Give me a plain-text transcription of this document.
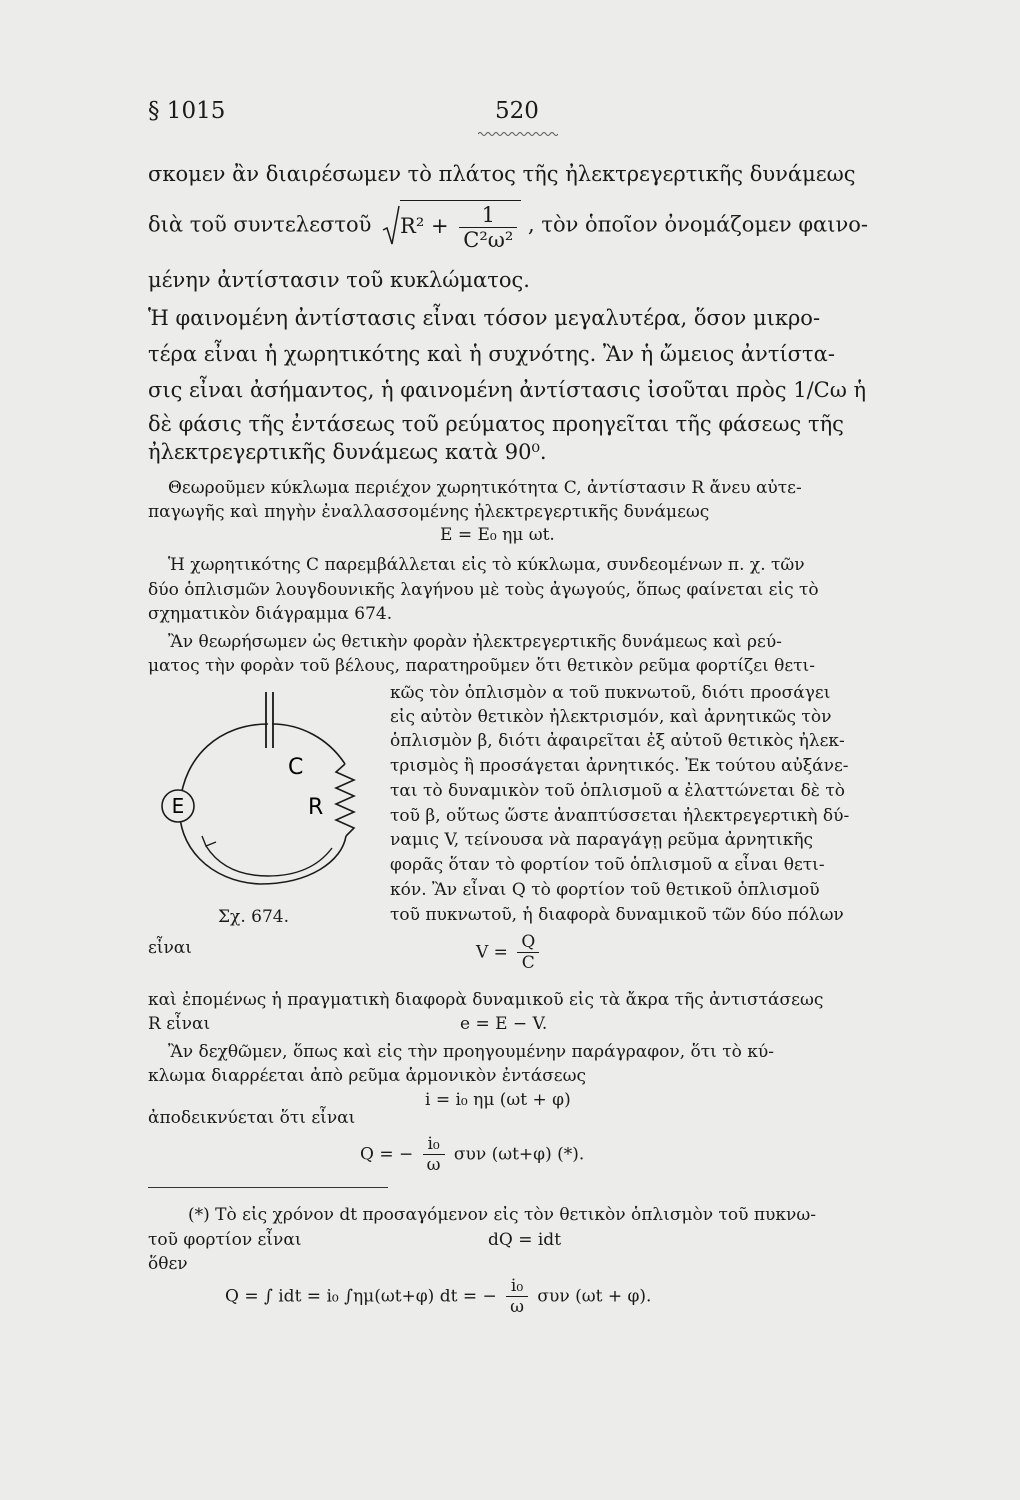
§ 1015	520
σκομεν ἂν διαιρέσωμεν τὸ πλάτος τῆς ἠλεκτρεγερτικῆς δυνάμεως
διὰ τοῦ συντελεστοῦ $R^2 + \frac{1}{\text{C²ω²}}$ , τὸν ὁποῖον ὀνομάζομεν φαινο-
μένην ἀντίστασιν τοῦ κυκλώματος.
Ἡ φαινομένη ἀντίστασις εἶναι τόσον μεγαλυτέρα, ὅσον μικρο-
τέρα εἶναι ἡ χωρητικότης καὶ ἡ συχνότης. Ἂν ἡ ὤμειος ἀντίστα-
σις εἶναι ἀσήμαντος, ἡ φαινομένη ἀντίστασις ἰσοῦται πρὸς 1/Cω ἡ
δὲ φάσις τῆς ἐντάσεως τοῦ ρεύματος προηγεῖται τῆς φάσεως τῆς
ἠλεκτρεγερτικῆς δυνάμεως κατὰ 90⁰.
Θεωροῦμεν κύκλωμα περιέχον χωρητικότητα C, ἀντίστασιν R ἄνευ αὐτε-
παγωγῆς καὶ πηγὴν ἐναλλασσομένης ἠλεκτρεγερτικῆς δυνάμεως
E = E₀ ημ ωt.
Ἡ χωρητικότης C παρεμβάλλεται εἰς τὸ κύκλωμα, συνδεομένων π. χ. τῶν
δύο ὁπλισμῶν λουγδουνικῆς λαγήνου μὲ τοὺς ἀγωγούς, ὅπως φαίνεται εἰς τὸ
σχηματικὸν διάγραμμα 674.
Ἂν θεωρήσωμεν ὡς θετικὴν φορὰν ἠλεκτρεγερτικῆς δυνάμεως καὶ ρεύ-
ματος τὴν φορὰν τοῦ βέλους, παρατηροῦμεν ὅτι θετικὸν ρεῦμα φορτίζει θετι-
κῶς τὸν ὁπλισμὸν α τοῦ πυκνωτοῦ, διότι προσάγει
εἰς αὐτὸν θετικὸν ἠλεκτρισμόν, καὶ ἀρνητικῶς τὸν
ὁπλισμὸν β, διότι ἀφαιρεῖται ἐξ αὐτοῦ θετικὸς ἠλεκ-
τρισμὸς ἢ προσάγεται ἀρνητικός. Ἐκ τούτου αὐξάνε-
ται τὸ δυναμικὸν τοῦ ὁπλισμοῦ α ἐλαττώνεται δὲ τὸ
τοῦ β, οὕτως ὥστε ἀναπτύσσεται ἠλεκτρεγερτικὴ δύ-
ναμις V, τείνουσα νὰ παραγάγῃ ρεῦμα ἀρνητικῆς
φορᾶς ὅταν τὸ φορτίον τοῦ ὁπλισμοῦ α εἶναι θετι-
κόν. Ἂν εἶναι Q τὸ φορτίον τοῦ θετικοῦ ὁπλισμοῦ
τοῦ πυκνωτοῦ, ἡ διαφορὰ δυναμικοῦ τῶν δύο πόλων
E
C
R
Σχ. 674.
εἶναι	$V = \frac{Q}{C}$
καὶ ἐπομένως ἡ πραγματικὴ διαφορὰ δυναμικοῦ εἰς τὰ ἄκρα τῆς ἀντιστάσεως
R εἶναι	e = E − V.
Ἂν δεχθῶμεν, ὅπως καὶ εἰς τὴν προηγουμένην παράγραφον, ὅτι τὸ κύ-
κλωμα διαρρέεται ἀπὸ ρεῦμα ἁρμονικὸν ἐντάσεως
i = i₀ ημ (ωt + φ)
ἀποδεικνύεται ὅτι εἶναι
Q = − $\frac{\text{i₀}}{\omega}$ συν (ωt+φ) (*).
(*) Τὸ εἰς χρόνον dt προσαγόμενον εἰς τὸν θετικὸν ὁπλισμὸν τοῦ πυκνω-
τοῦ φορτίον εἶναι	dQ = idt
ὅθεν
Q = ∫ idt = i₀ ∫ημ(ωt+φ) dt = − $\frac{\text{i₀}}{\omega}$ συν (ωt + φ).
